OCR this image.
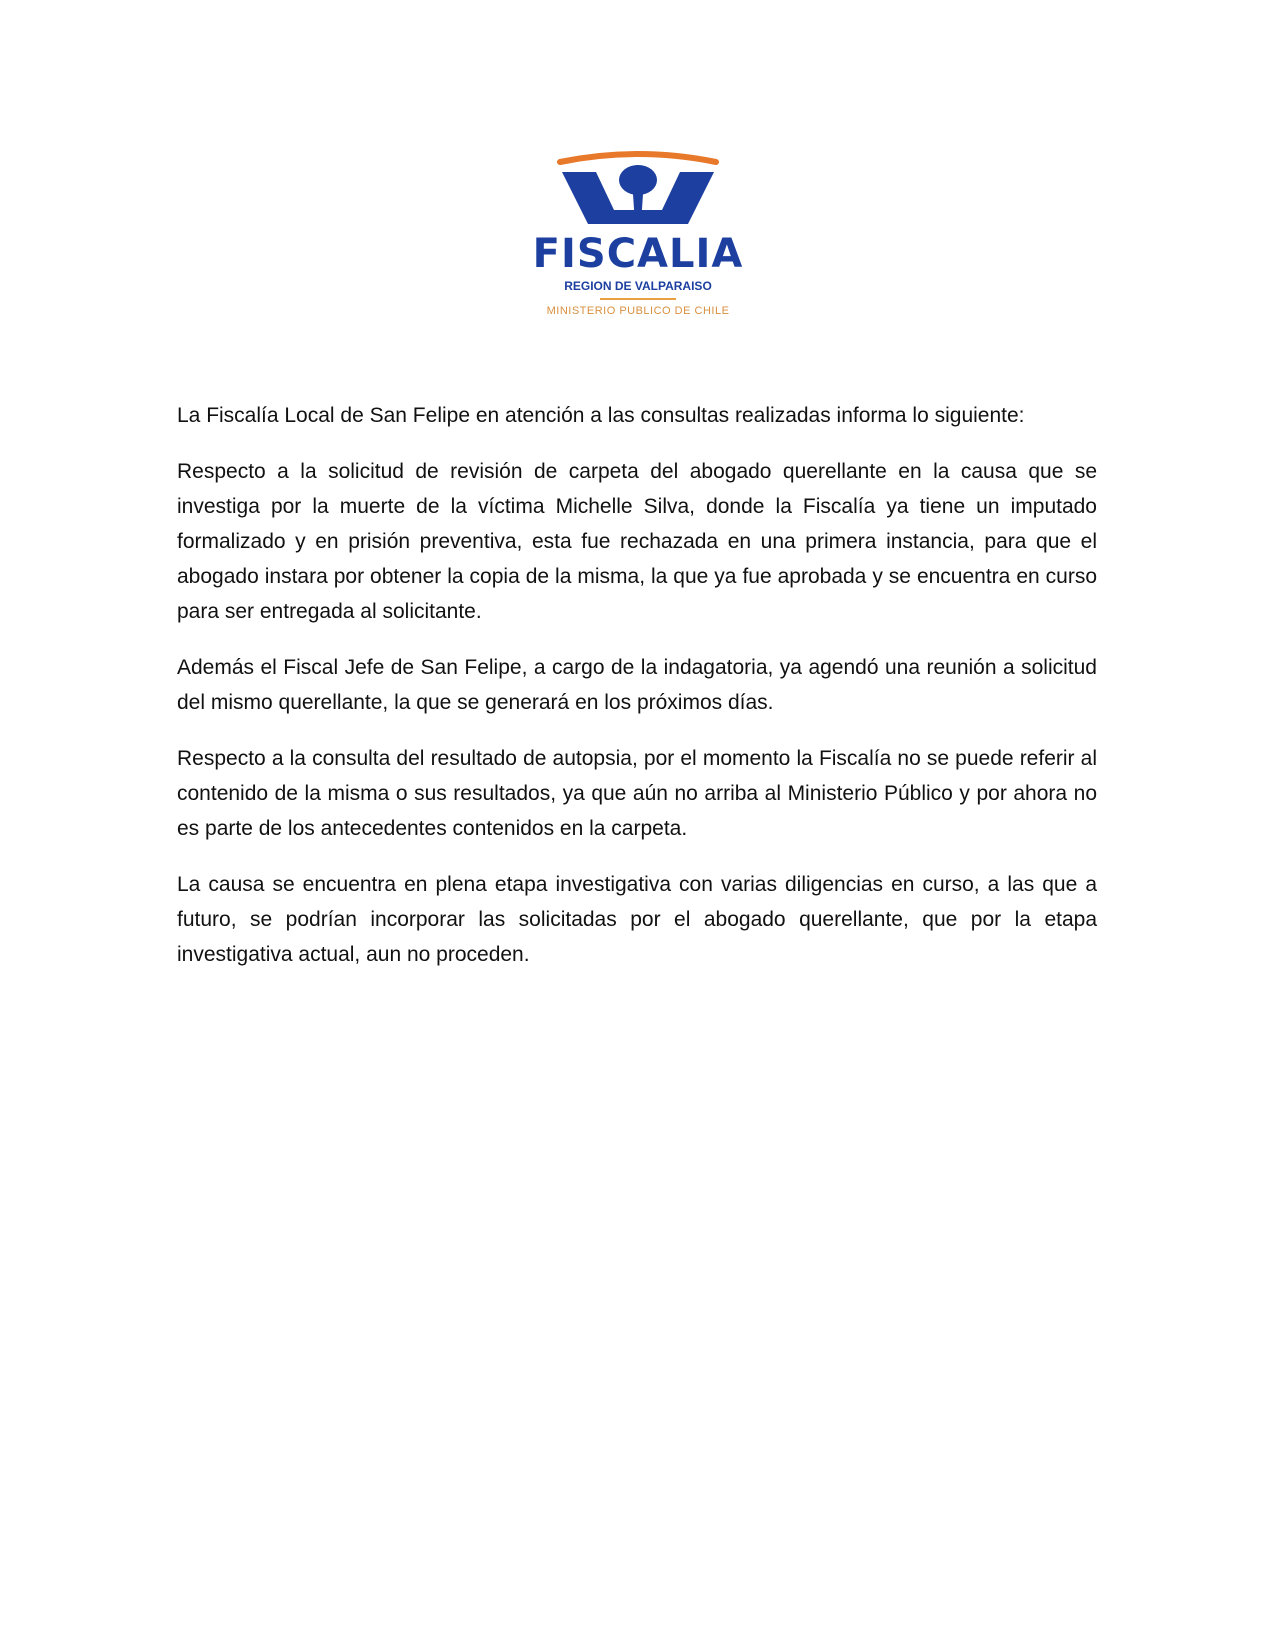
FISCALIA
REGION DE VALPARAISO
MINISTERIO PUBLICO DE CHILE

La Fiscalía Local de San Felipe en atención a las consultas realizadas informa lo siguiente:

Respecto a la solicitud de revisión de carpeta del abogado querellante en la causa que se investiga por la muerte de la víctima Michelle Silva, donde la Fiscalía ya tiene un imputado formalizado y en prisión preventiva, esta fue rechazada en una primera instancia, para que el abogado instara por obtener la copia de la misma, la que ya fue aprobada y se encuentra en curso para ser entregada al solicitante.

Además el Fiscal Jefe de San Felipe, a cargo de la indagatoria, ya agendó una reunión a solicitud del mismo querellante, la que se generará en los próximos días.

Respecto a la consulta del resultado de autopsia, por el momento la Fiscalía no se puede referir al contenido de la misma o sus resultados, ya que aún no arriba al Ministerio Público y por ahora no es parte de los antecedentes contenidos en la carpeta.

La causa se encuentra en plena etapa investigativa con varias diligencias en curso, a las que a futuro, se podrían incorporar las solicitadas por el abogado querellante, que por la etapa investigativa actual, aun no proceden.
